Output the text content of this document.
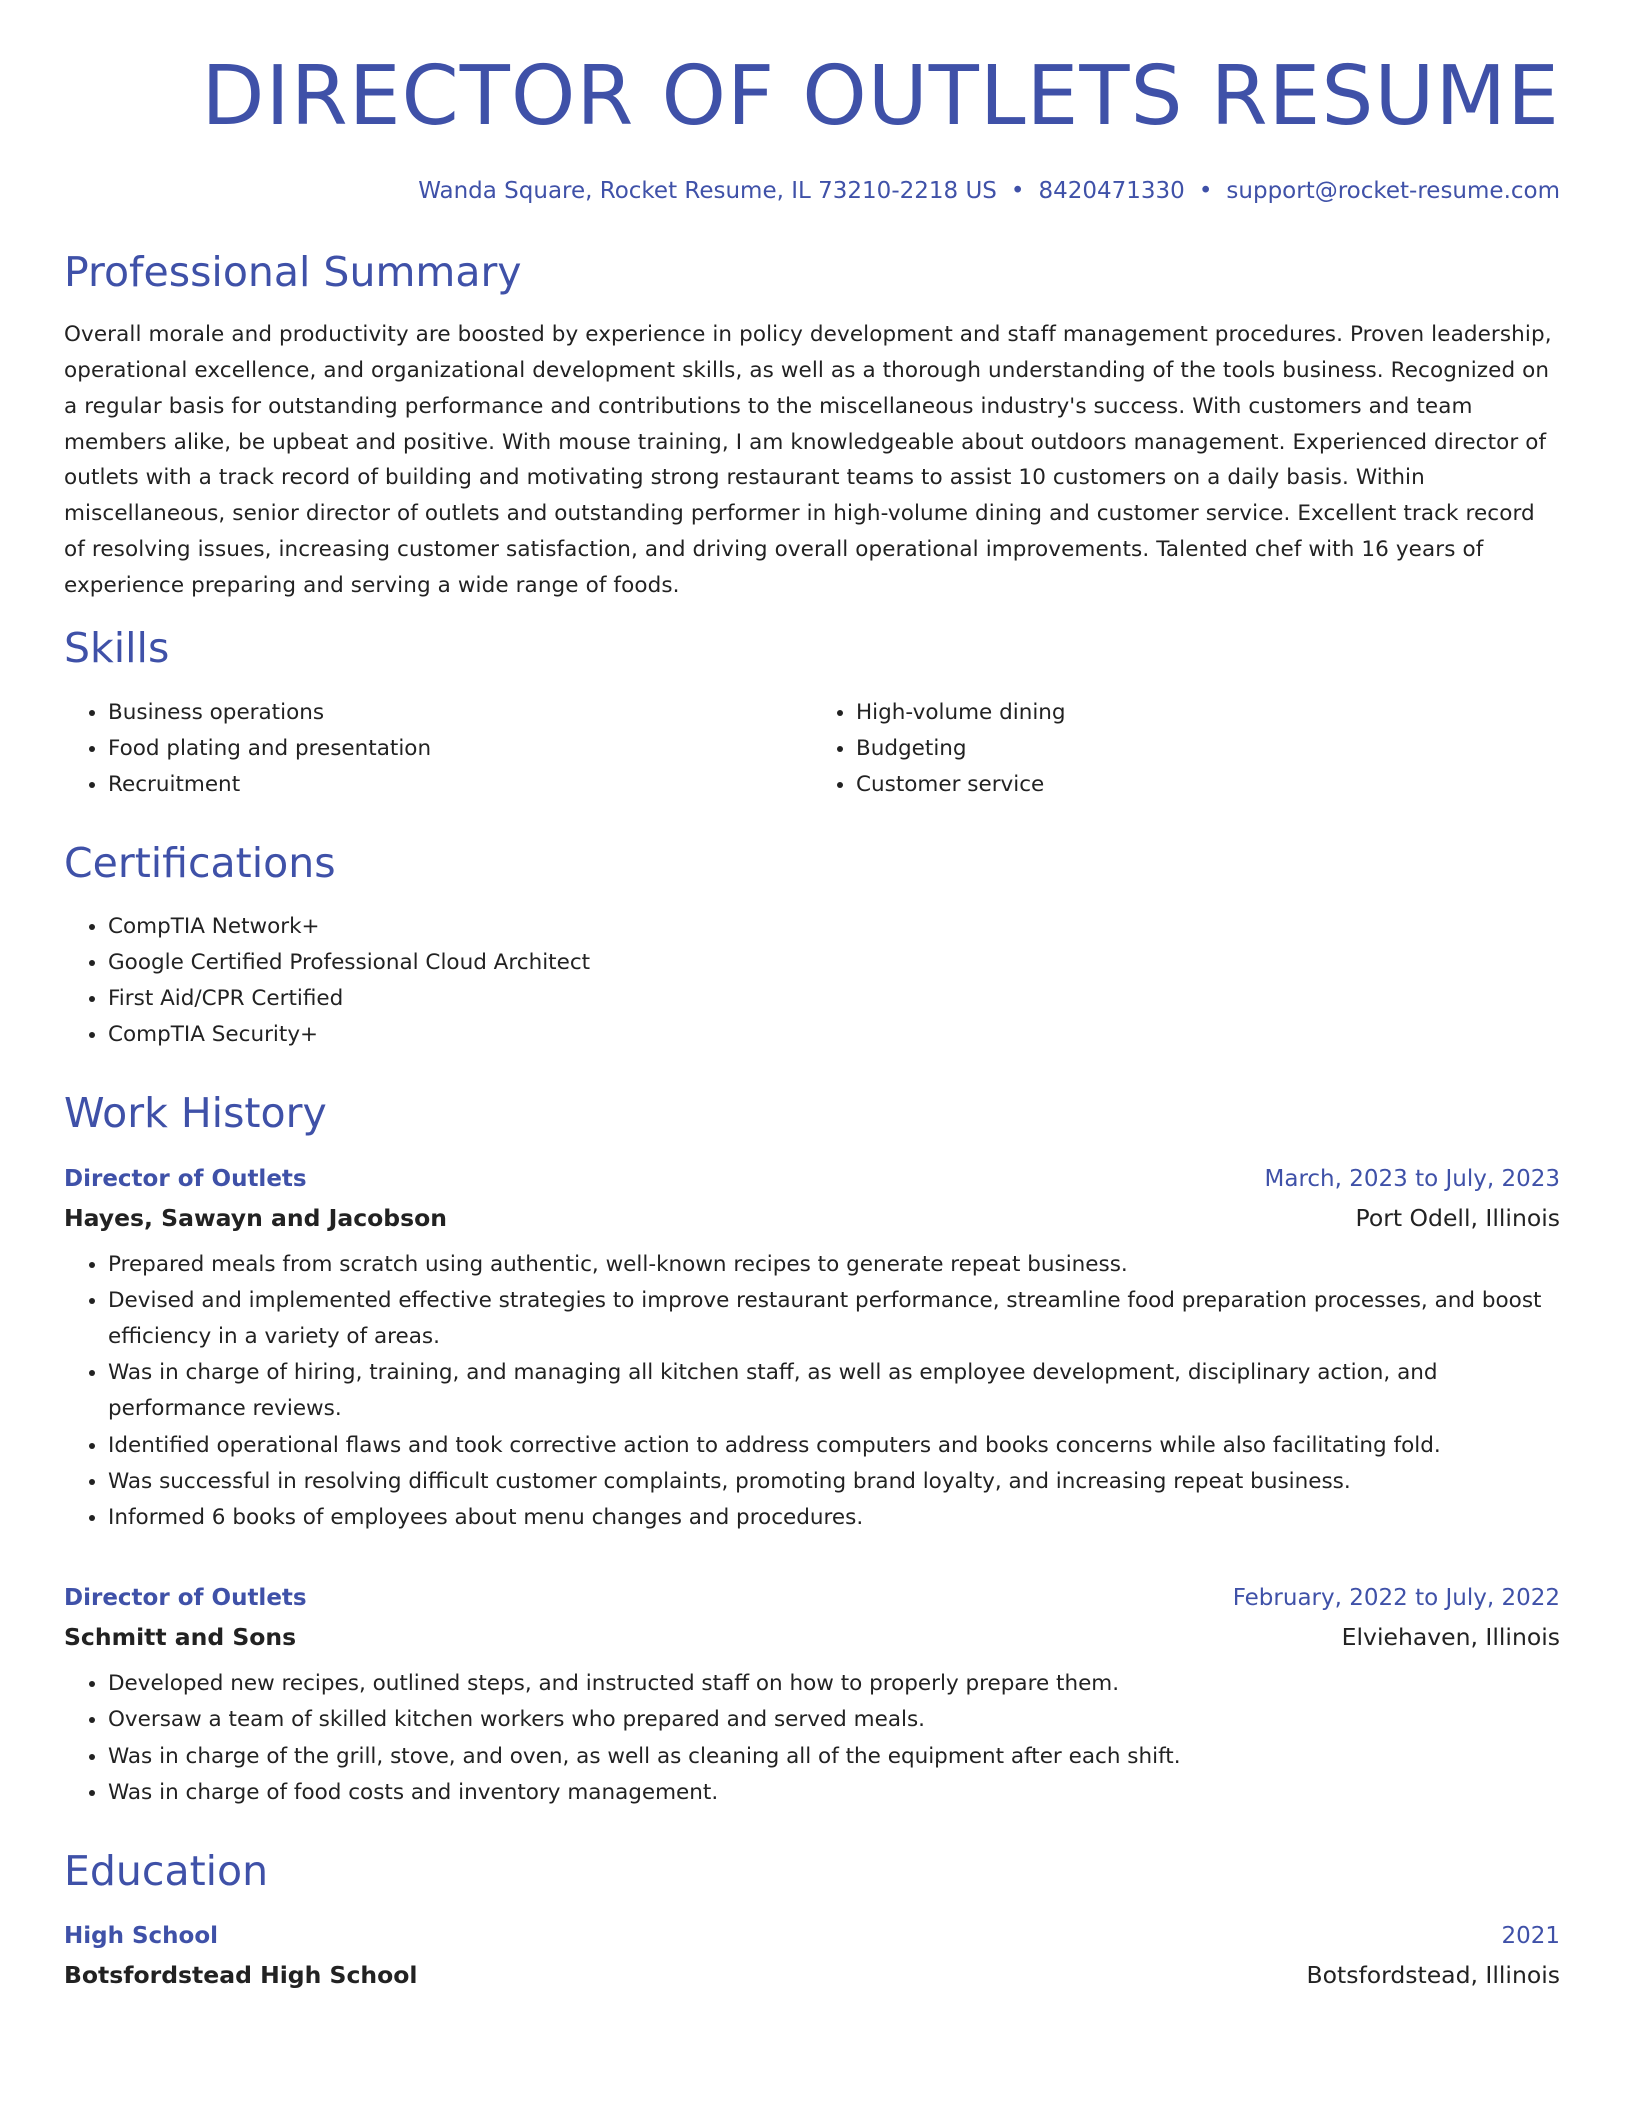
DIRECTOR OF OUTLETS RESUME
Wanda Square, Rocket Resume, IL 73210-2218 US • 8420471330 • support@rocket-resume.com
Professional Summary
Overall morale and productivity are boosted by experience in policy development and staff management procedures. Proven leadership, operational excellence, and organizational development skills, as well as a thorough understanding of the tools business. Recognized on a regular basis for outstanding performance and contributions to the miscellaneous industry's success. With customers and team members alike, be upbeat and positive. With mouse training, I am knowledgeable about outdoors management. Experienced director of outlets with a track record of building and motivating strong restaurant teams to assist 10 customers on a daily basis. Within miscellaneous, senior director of outlets and outstanding performer in high-volume dining and customer service. Excellent track record of resolving issues, increasing customer satisfaction, and driving overall operational improvements. Talented chef with 16 years of experience preparing and serving a wide range of foods.
Skills
• Business operations
• Food plating and presentation
• Recruitment
• High-volume dining
• Budgeting
• Customer service
Certifications
• CompTIA Network+
• Google Certified Professional Cloud Architect
• First Aid/CPR Certified
• CompTIA Security+
Work History
Director of Outlets	March, 2023 to July, 2023
Hayes, Sawayn and Jacobson	Port Odell, Illinois
• Prepared meals from scratch using authentic, well-known recipes to generate repeat business.
• Devised and implemented effective strategies to improve restaurant performance, streamline food preparation processes, and boost efficiency in a variety of areas.
• Was in charge of hiring, training, and managing all kitchen staff, as well as employee development, disciplinary action, and performance reviews.
• Identified operational flaws and took corrective action to address computers and books concerns while also facilitating fold.
• Was successful in resolving difficult customer complaints, promoting brand loyalty, and increasing repeat business.
• Informed 6 books of employees about menu changes and procedures.
Director of Outlets	February, 2022 to July, 2022
Schmitt and Sons	Elviehaven, Illinois
• Developed new recipes, outlined steps, and instructed staff on how to properly prepare them.
• Oversaw a team of skilled kitchen workers who prepared and served meals.
• Was in charge of the grill, stove, and oven, as well as cleaning all of the equipment after each shift.
• Was in charge of food costs and inventory management.
Education
High School	2021
Botsfordstead High School	Botsfordstead, Illinois
